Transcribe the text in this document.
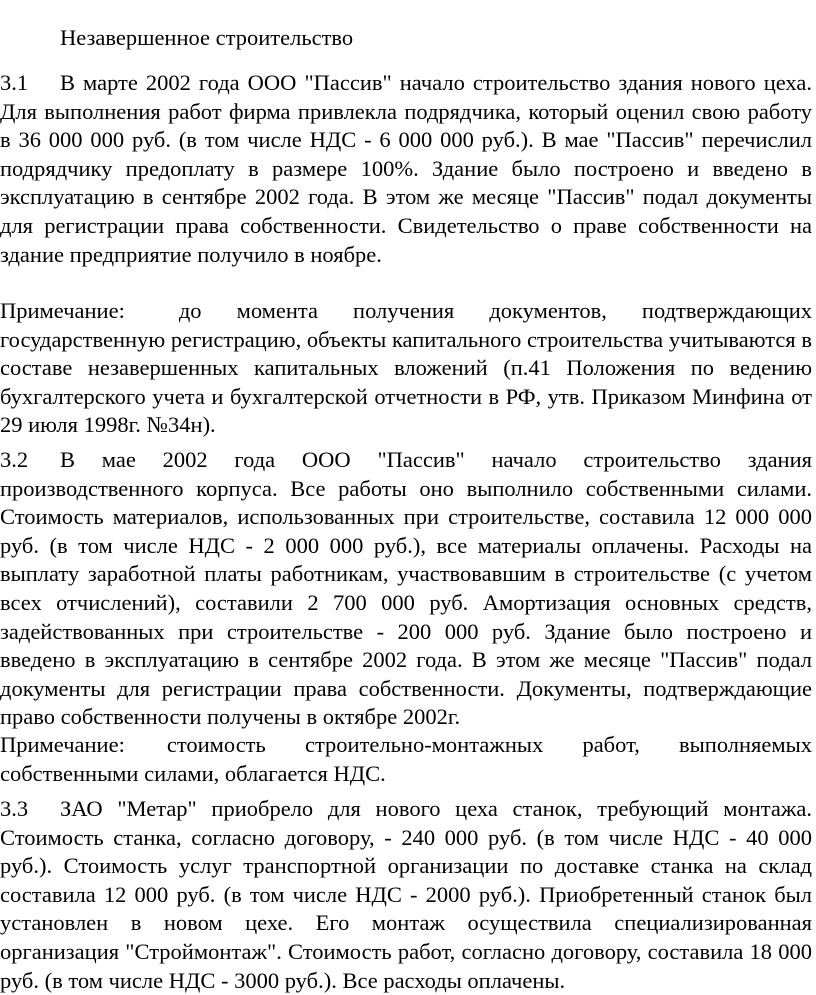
Незавершенное строительство

3.1 В марте 2002 года ООО "Пассив" начало строительство здания нового цеха. Для выполнения работ фирма привлекла подрядчика, который оценил свою работу в 36 000 000 руб. (в том числе НДС - 6 000 000 руб.). В мае "Пассив" перечислил подрядчику предоплату в размере 100%. Здание было построено и введено в эксплуатацию в сентябре 2002 года. В этом же месяце "Пассив" подал документы для регистрации права собственности. Свидетельство о праве собственности на здание предприятие получило в ноябре.

Примечание: до момента получения документов, подтверждающих государственную регистрацию, объекты капитального строительства учитываются в составе незавершенных капитальных вложений (п.41 Положения по ведению бухгалтерского учета и бухгалтерской отчетности в РФ, утв. Приказом Минфина от 29 июля 1998г. №34н).

3.2 В мае 2002 года ООО "Пассив" начало строительство здания производственного корпуса. Все работы оно выполнило собственными силами. Стоимость материалов, использованных при строительстве, составила 12 000 000 руб. (в том числе НДС - 2 000 000 руб.), все материалы оплачены. Расходы на выплату заработной платы работникам, участвовавшим в строительстве (с учетом всех отчислений), составили 2 700 000 руб. Амортизация основных средств, задействованных при строительстве - 200 000 руб. Здание было построено и введено в эксплуатацию в сентябре 2002 года. В этом же месяце "Пассив" подал документы для регистрации права собственности. Документы, подтверждающие право собственности получены в октябре 2002г.

Примечание: стоимость строительно-монтажных работ, выполняемых собственными силами, облагается НДС.

3.3 ЗАО "Метар" приобрело для нового цеха станок, требующий монтажа. Стоимость станка, согласно договору, - 240 000 руб. (в том числе НДС - 40 000 руб.). Стоимость услуг транспортной организации по доставке станка на склад составила 12 000 руб. (в том числе НДС - 2000 руб.). Приобретенный станок был установлен в новом цехе. Его монтаж осуществила специализированная организация "Строймонтаж". Стоимость работ, согласно договору, составила 18 000 руб. (в том числе НДС - 3000 руб.). Все расходы оплачены.
